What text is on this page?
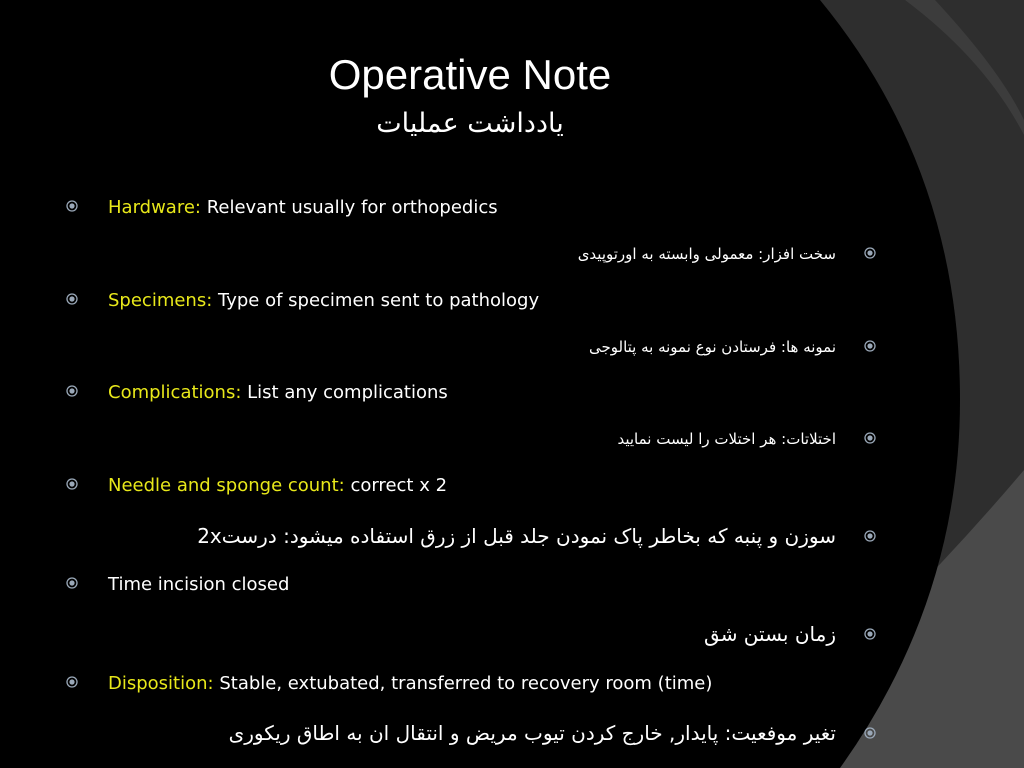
Operative Note
یادداشت عملیات
Hardware: Relevant usually for orthopedics
سخت افزار: معمولی وابسته به اورتوپیدی
Specimens: Type of specimen sent to pathology
نمونه ها: فرستادن نوع نمونه به پتالوجی
Complications: List any complications
اختلاتات: هر اختلات را لیست نمایید
Needle and sponge count: correct x 2
سوزن و پنبه که بخاطر پاک نمودن جلد قبل از زرق استفاده میشود: درست2x
Time incision closed
زمان بستن شق
Disposition: Stable, extubated, transferred to recovery room (time)
تغیر موفعیت: پایدار, خارج کردن تیوب مریض و انتقال ان به اطاق ریکوری
